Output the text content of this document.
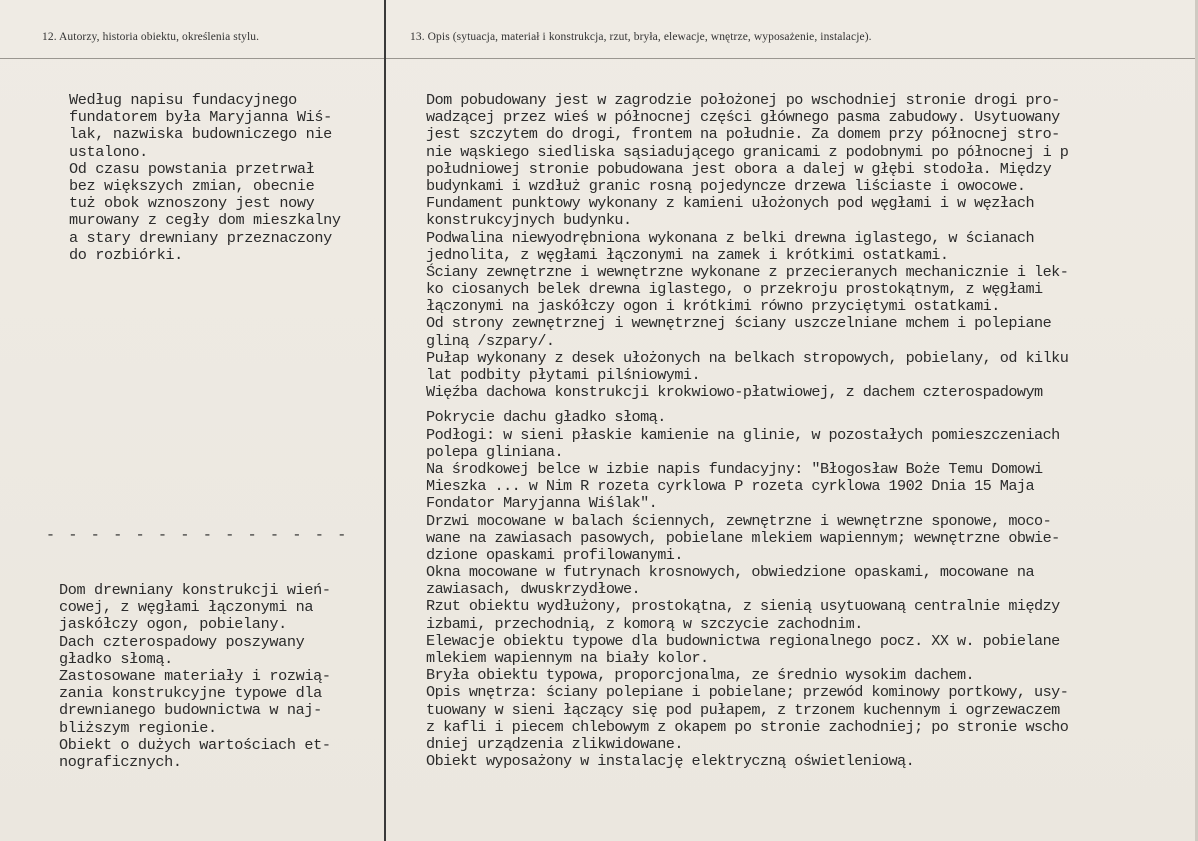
12. Autorzy, historia obiektu, określenia stylu.	13. Opis (sytuacja, materiał i konstrukcja, rzut, bryła, elewacje, wnętrze, wyposażenie, instalacje).
Według napisu fundacyjnego
fundatorem była Maryjanna Wiś-
lak, nazwiska budowniczego nie
ustalono.
Od czasu powstania przetrwał
bez większych zmian, obecnie
tuż obok wznoszony jest nowy
murowany z cegły dom mieszkalny
a stary drewniany przeznaczony
do rozbiórki.
- - - - - - - - - - - - - -
Dom drewniany konstrukcji wień-
cowej, z węgłami łączonymi na
jaskółczy ogon, pobielany.
Dach czterospadowy poszywany
gładko słomą.
Zastosowane materiały i rozwią-
zania konstrukcyjne typowe dla
drewnianego budownictwa w naj-
bliższym regionie.
Obiekt o dużych wartościach et-
nograficznych.
Dom pobudowany jest w zagrodzie położonej po wschodniej stronie drogi pro-
wadzącej przez wieś w północnej części głównego pasma zabudowy. Usytuowany
jest szczytem do drogi, frontem na południe. Za domem przy północnej stro-
nie wąskiego siedliska sąsiadującego granicami z podobnymi po północnej i p
południowej stronie pobudowana jest obora a dalej w głębi stodoła. Między
budynkami i wzdłuż granic rosną pojedyncze drzewa liściaste i owocowe.
Fundament punktowy wykonany z kamieni ułożonych pod węgłami i w węzłach
konstrukcyjnych budynku.
Podwalina niewyodrębniona wykonana z belki drewna iglastego, w ścianach
jednolita, z węgłami łączonymi na zamek i krótkimi ostatkami.
Ściany zewnętrzne i wewnętrzne wykonane z przecieranych mechanicznie i lek-
ko ciosanych belek drewna iglastego, o przekroju prostokątnym, z węgłami
łączonymi na jaskółczy ogon i krótkimi równo przyciętymi ostatkami.
Od strony zewnętrznej i wewnętrznej ściany uszczelniane mchem i polepiane
gliną /szpary/.
Pułap wykonany z desek ułożonych na belkach stropowych, pobielany, od kilku
lat podbity płytami pilśniowymi.
Więźba dachowa konstrukcji krokwiowo-płatwiowej, z dachem czterospadowym
Pokrycie dachu gładko słomą.
Podłogi: w sieni płaskie kamienie na glinie, w pozostałych pomieszczeniach
polepa gliniana.
Na środkowej belce w izbie napis fundacyjny: "Błogosław Boże Temu Domowi
Mieszka ... w Nim R rozeta cyrklowa P rozeta cyrklowa 1902 Dnia 15 Maja
Fondator Maryjanna Wiślak".
Drzwi mocowane w balach ściennych, zewnętrzne i wewnętrzne sponowe, moco-
wane na zawiasach pasowych, pobielane mlekiem wapiennym; wewnętrzne obwie-
dzione opaskami profilowanymi.
Okna mocowane w futrynach krosnowych, obwiedzione opaskami, mocowane na
zawiasach, dwuskrzydłowe.
Rzut obiektu wydłużony, prostokątna, z sienią usytuowaną centralnie między
izbami, przechodnią, z komorą w szczycie zachodnim.
Elewacje obiektu typowe dla budownictwa regionalnego pocz. XX w. pobielane
mlekiem wapiennym na biały kolor.
Bryła obiektu typowa, proporcjonalma, ze średnio wysokim dachem.
Opis wnętrza: ściany polepiane i pobielane; przewód kominowy portkowy, usy-
tuowany w sieni łączący się pod pułapem, z trzonem kuchennym i ogrzewaczem
z kafli i piecem chlebowym z okapem po stronie zachodniej; po stronie wscho
dniej urządzenia zlikwidowane.
Obiekt wyposażony w instalację elektryczną oświetleniową.
